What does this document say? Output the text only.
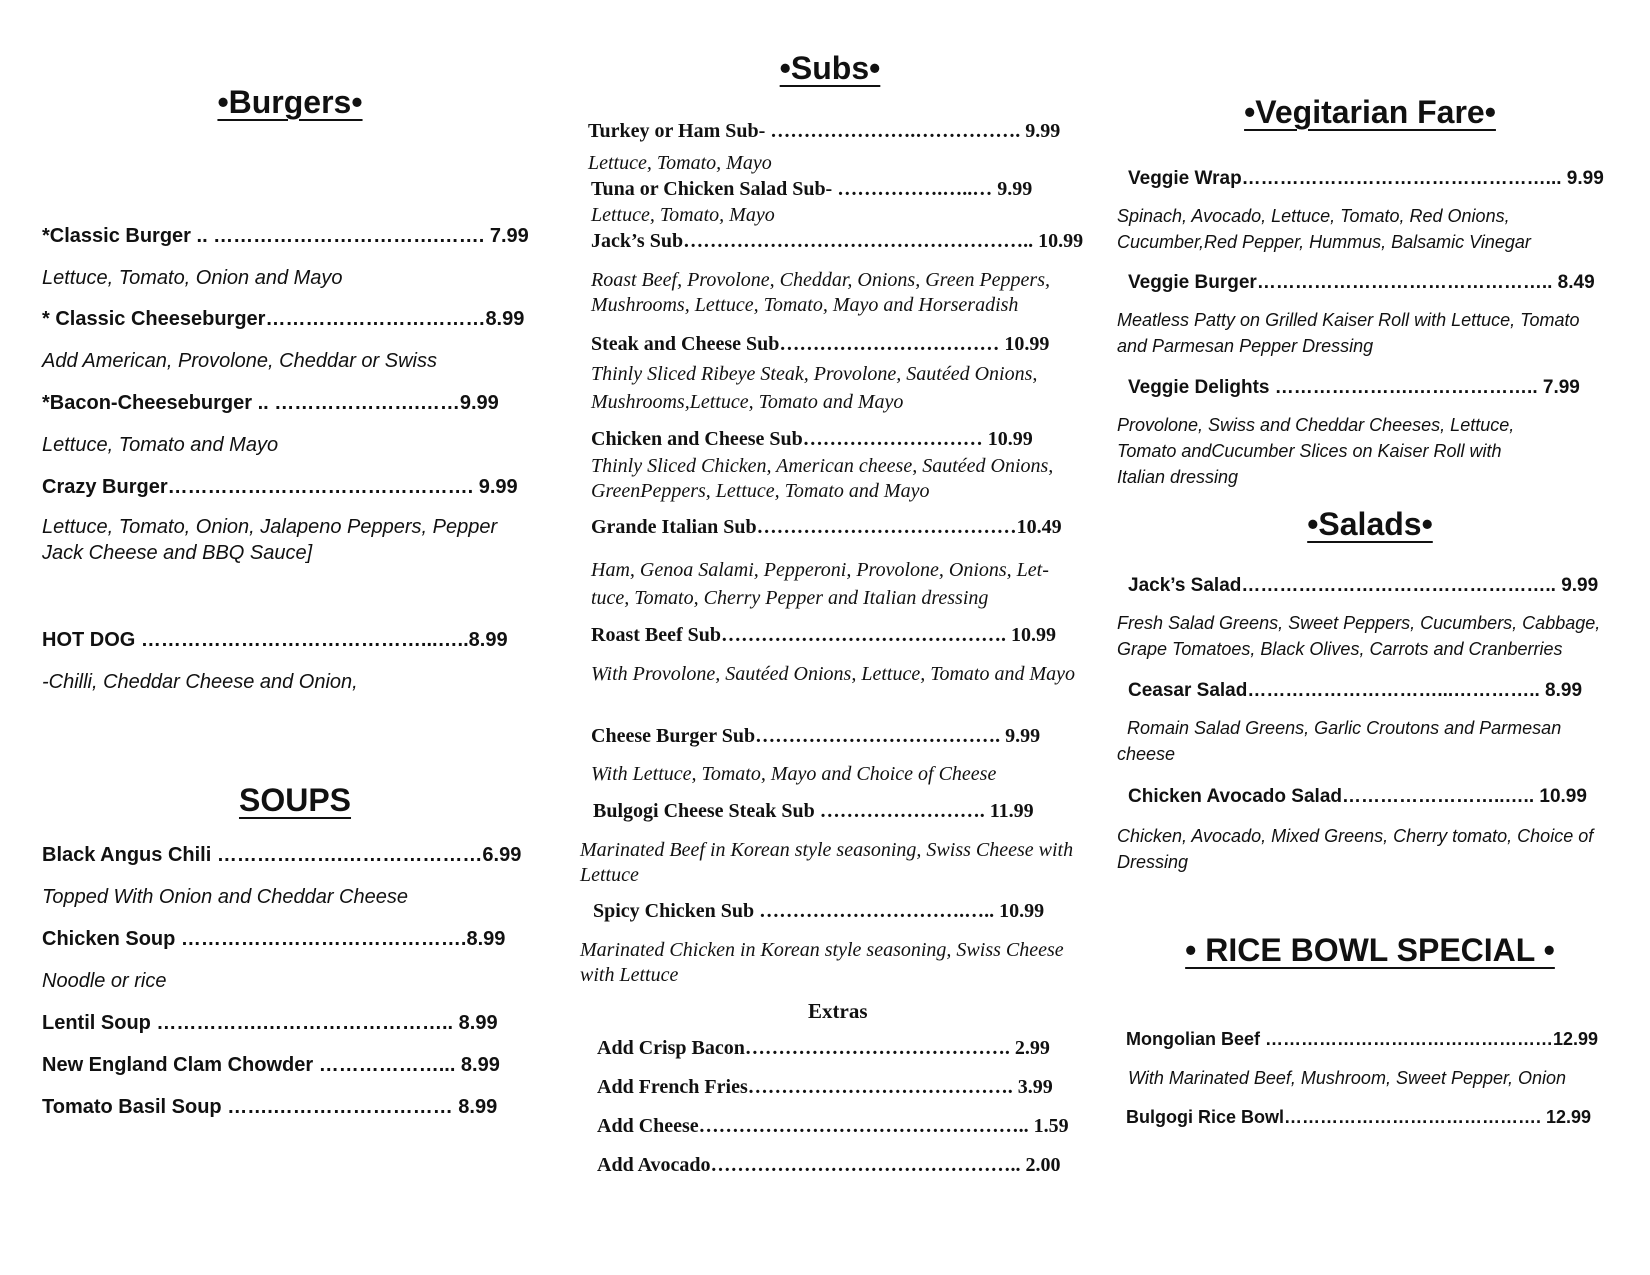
•Burgers•
*Classic Burger .. …………………………….……. 7.99
Lettuce, Tomato, Onion and Mayo
* Classic Cheeseburger……………………………8.99
Add American, Provolone, Cheddar or Swiss
*Bacon-Cheeseburger .. ………………….……9.99
Lettuce, Tomato and Mayo
Crazy Burger………………………………………. 9.99
Lettuce, Tomato, Onion, Jalapeno Peppers, Pepper Jack Cheese and BBQ Sauce]
HOT DOG ……………………………………...…..8.99
-Chilli, Cheddar Cheese and Onion,
SOUPS
Black Angus Chili ……………….…………………6.99
Topped With Onion and Cheddar Cheese
Chicken Soup …………………………………….8.99
Noodle or rice
Lentil Soup …………….……………………….. 8.99
New England Clam Chowder ………………... 8.99
Tomato Basil Soup …….……………………… 8.99
•Subs•
Turkey or Ham Sub- ………………….……………. 9.99
Lettuce, Tomato, Mayo
Tuna or Chicken Salad Sub- …………….…..… 9.99
Lettuce, Tomato, Mayo
Jack’s Sub…………………………………………….. 10.99
Roast Beef, Provolone, Cheddar, Onions, Green Peppers, Mushrooms, Lettuce, Tomato, Mayo and Horseradish
Steak and Cheese Sub…………………………… 10.99
Thinly Sliced Ribeye Steak, Provolone, Sautéed Onions, Mushrooms,Lettuce, Tomato and Mayo
Chicken and Cheese Sub……………………… 10.99
Thinly Sliced Chicken, American cheese, Sautéed Onions, GreenPeppers, Lettuce, Tomato and Mayo
Grande Italian Sub…………………………………10.49
Ham, Genoa Salami, Pepperoni, Provolone, Onions, Let-tuce, Tomato, Cherry Pepper and Italian dressing
Roast Beef Sub……………………………………. 10.99
With Provolone, Sautéed Onions, Lettuce, Tomato and Mayo
Cheese Burger Sub………………………………. 9.99
With Lettuce, Tomato, Mayo and Choice of Cheese
Bulgogi Cheese Steak Sub ……………………. 11.99
Marinated Beef in Korean style seasoning, Swiss Cheese with Lettuce
Spicy Chicken Sub ………………………….….. 10.99
Marinated Chicken in Korean style seasoning, Swiss Cheese with Lettuce
Extras
Add Crisp Bacon…………………………………. 2.99
Add French Fries…………………………………. 3.99
Add Cheese………………………………………….. 1.59
Add Avocado……………………………………….. 2.00
•Vegitarian Fare•
Veggie Wrap…………………………………………... 9.99
Spinach, Avocado, Lettuce, Tomato, Red Onions, Cucumber,Red Pepper, Hummus, Balsamic Vinegar
Veggie Burger……………………………………….. 8.49
Meatless Patty on Grilled Kaiser Roll with Lettuce, Tomato and Parmesan Pepper Dressing
Veggie Delights ………………….……………….. 7.99
Provolone, Swiss and Cheddar Cheeses, Lettuce, Tomato andCucumber Slices on Kaiser Roll with Italian dressing
•Salads•
Jack’s Salad………………………………………….. 9.99
Fresh Salad Greens, Sweet Peppers, Cucumbers, Cabbage, Grape Tomatoes, Black Olives, Carrots and Cranberries
Ceasar Salad…………………………...………….. 8.99
Romain Salad Greens, Garlic Croutons and Parmesan cheese
Chicken Avocado Salad……………………..….. 10.99
Chicken, Avocado, Mixed Greens, Cherry tomato, Choice of Dressing
• RICE BOWL SPECIAL •
Mongolian Beef …………………………………………12.99
With Marinated Beef, Mushroom, Sweet Pepper, Onion
Bulgogi Rice Bowl……………………………………. 12.99
